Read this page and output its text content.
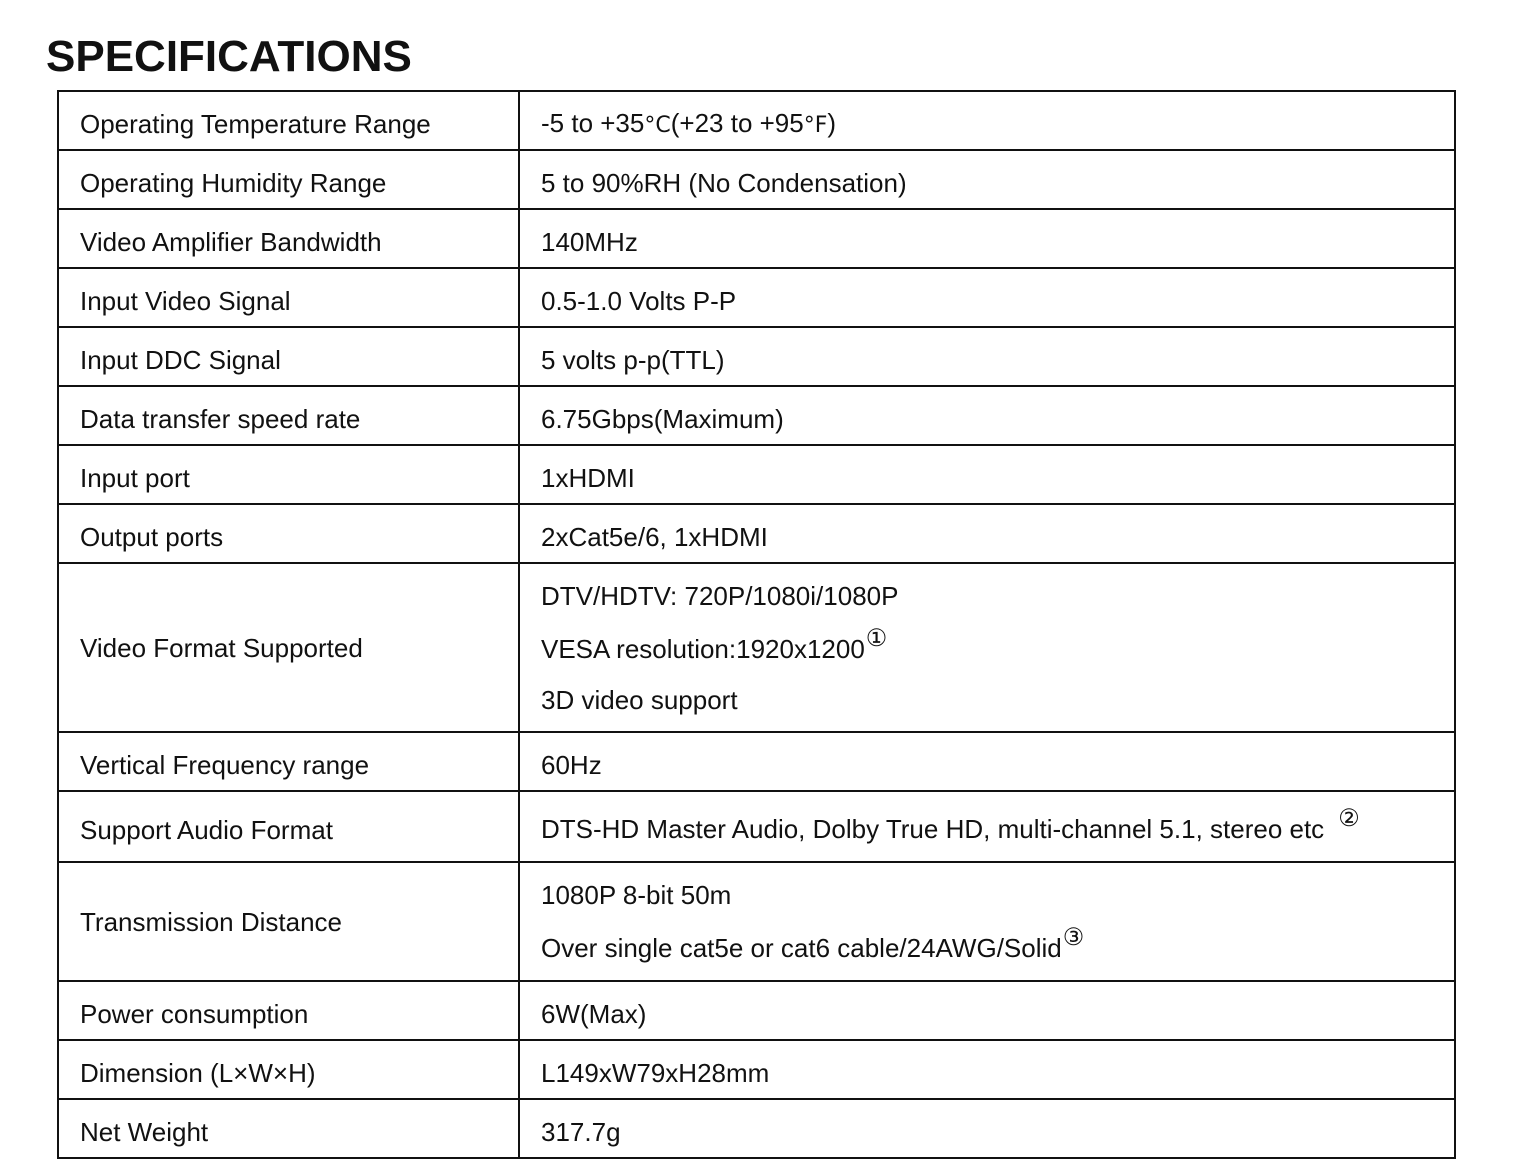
SPECIFICATIONS
Operating Temperature Range	-5 to +35°C(+23 to +95°F)
Operating Humidity Range	5 to 90%RH (No Condensation)
Video Amplifier Bandwidth	140MHz
Input Video Signal	0.5-1.0 Volts P-P
Input DDC Signal	5 volts p-p(TTL)
Data transfer speed rate	6.75Gbps(Maximum)
Input port	1xHDMI
Output ports	2xCat5e/6, 1xHDMI
Video Format Supported	DTV/HDTV: 720P/1080i/1080P
VESA resolution:1920x1200①
3D video support

Vertical Frequency range	60Hz
Support Audio Format	DTS-HD Master Audio, Dolby True HD, multi-channel 5.1, stereo etc ②
Transmission Distance	1080P 8-bit 50m
Over single cat5e or cat6 cable/24AWG/Solid③

Power consumption	6W(Max)
Dimension (L×W×H)	L149xW79xH28mm
Net Weight	317.7g
